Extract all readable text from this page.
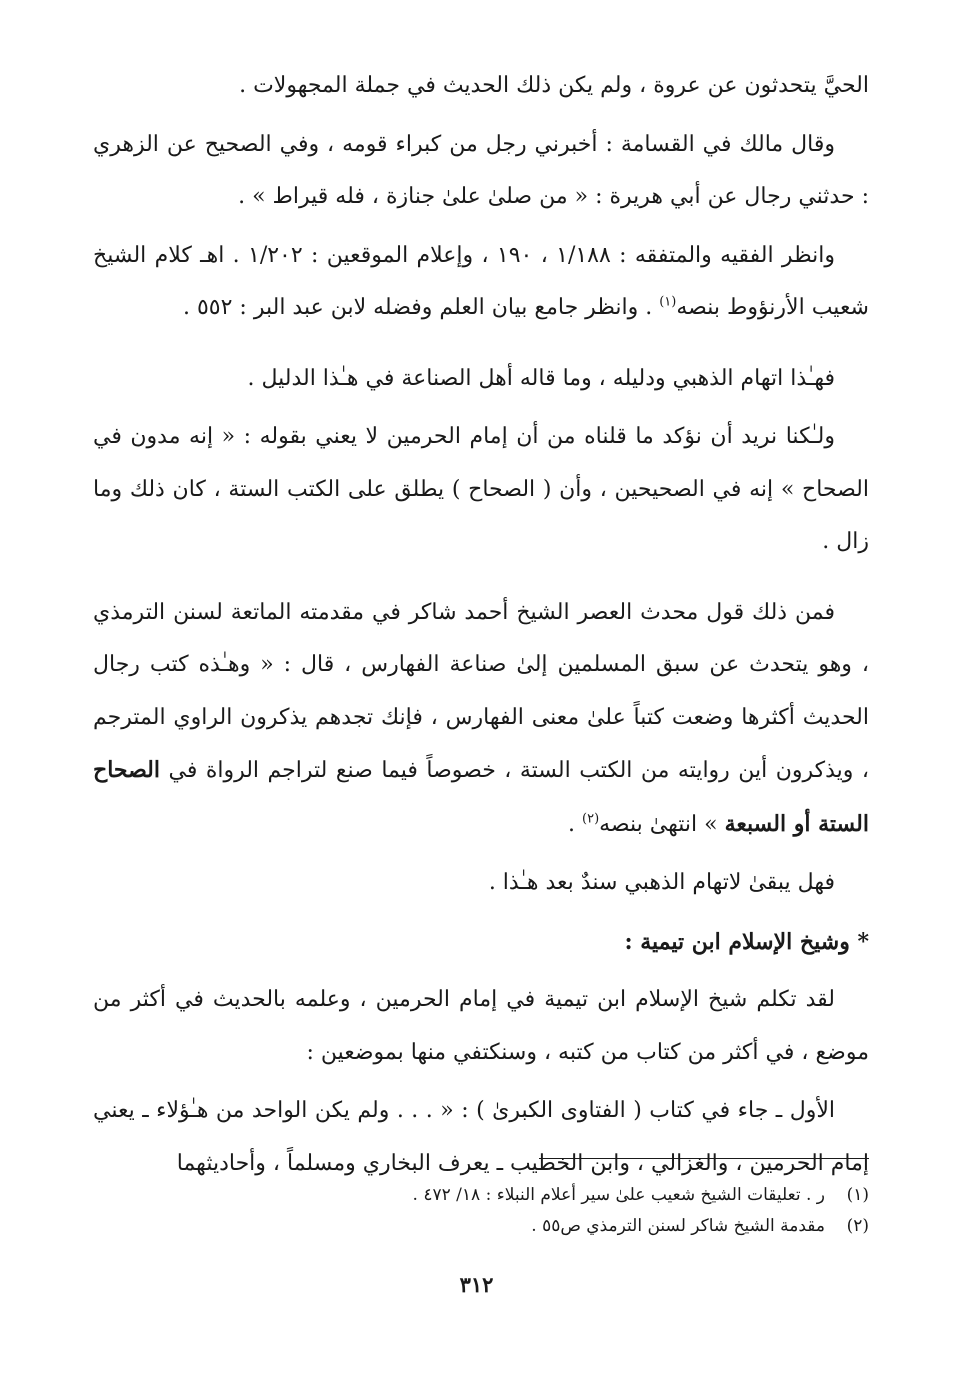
الحيَّ يتحدثون عن عروة ، ولم يكن ذلك الحديث في جملة المجهولات .

وقال مالك في القسامة : أخبرني رجل من كبراء قومه ، وفي الصحيح عن الزهري : حدثني رجال عن أبي هريرة : « من صلىٰ علىٰ جنازة ، فله قيراط » .

وانظر الفقيه والمتفقه : ١/١٨٨ ، ١٩٠ ، وإعلام الموقعين : ١/٢٠٢ . اهـ كلام الشيخ شعيب الأرنؤوط بنصه$^{(١)}$ . وانظر جامع بيان العلم وفضله لابن عبد البر : ٥٥٢ .

فهـٰذا اتهام الذهبي ودليله ، وما قاله أهل الصناعة في هـٰذا الدليل .

ولـٰكنا نريد أن نؤكد ما قلناه من أن إمام الحرمين لا يعني بقوله : « إنه مدون في الصحاح » إنه في الصحيحين ، وأن ( الصحاح ) يطلق على الكتب الستة ، كان ذلك وما زال .

فمن ذلك قول محدث العصر الشيخ أحمد شاكر في مقدمته الماتعة لسنن الترمذي ، وهو يتحدث عن سبق المسلمين إلىٰ صناعة الفهارس ، قال : « وهـٰذه كتب رجال الحديث أكثرها وضعت كتباً علىٰ معنى الفهارس ، فإنك تجدهم يذكرون الراوي المترجم ، ويذكرون أين روايته من الكتب الستة ، خصوصاً فيما صنع لتراجم الرواة في الصحاح الستة أو السبعة » انتهىٰ بنصه$^{(٢)}$ .

فهل يبقىٰ لاتهام الذهبي سندٌ بعد هـٰذا .

* وشيخ الإسلام ابن تيمية :

لقد تكلم شيخ الإسلام ابن تيمية في إمام الحرمين ، وعلمه بالحديث في أكثر من موضع ، في أكثر من كتاب من كتبه ، وسنكتفي منها بموضعين :

الأول ـ جاء في كتاب ( الفتاوى الكبرىٰ ) : « . . . ولم يكن الواحد من هـٰؤلاء ـ يعني إمام الحرمين ، والغزالي ، وابن الخطيب ـ يعرف البخاري ومسلماً ، وأحاديثهما

(١)
ر . تعليقات الشيخ شعيب علىٰ سير أعلام النبلاء : ١٨/ ٤٧٢ .
(٢)
مقدمة الشيخ شاكر لسنن الترمذي ص٥٥ .
٣١٢
